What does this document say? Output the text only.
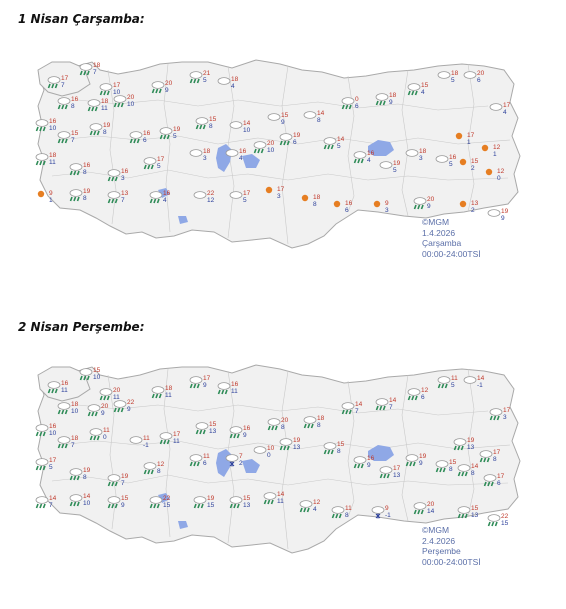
1 Nisan Çarşamba:
17
7
18
7
17
10
16
8
18
11
20
10
20
9
21
5	18
4
16
10
15
7
19
8	16
6
19
5
15
8	14
10
15
9
14
8
0
6
18
9
15
4
18
5
20
6
17
4
17
1
12
1
18
11	16
8	16
3
17
5
18
3
16
4
20
10
19
6	14
5
16
4	19
5
18
3	16
5	15
2	12
0
9
1
19
8
13
7
16
4
22
12
17
5
17
3	18
8	16
6
9
3
20
9	13
2	19
9
©MGM
1.4.2026
Çarşamba
00:00-24:00TSİ
2 Nisan Perşembe:
16
11
15
10
20
11
18
10
20
9
22
9
18
11
17
9	16
11
16
10
18
7
11
0	11
-1
17
11
15
13	16
9
20
8
18
8
14
7
14
7
12
6
11
5
14
-1
17
3
19
13
17
8
17
5	19
8	19
7
12
8
11
6
7
2
10
0
19
13	15
8
16
9	17
13
19
9	15
8	14
8	17
6
14
7
14
10
15
9
22
15
19
15
15
13
14
11	12
4	11
8
9
-1
20
14	15
13	22
15
©MGM
2.4.2026
Perşembe
00:00-24:00TSİ
